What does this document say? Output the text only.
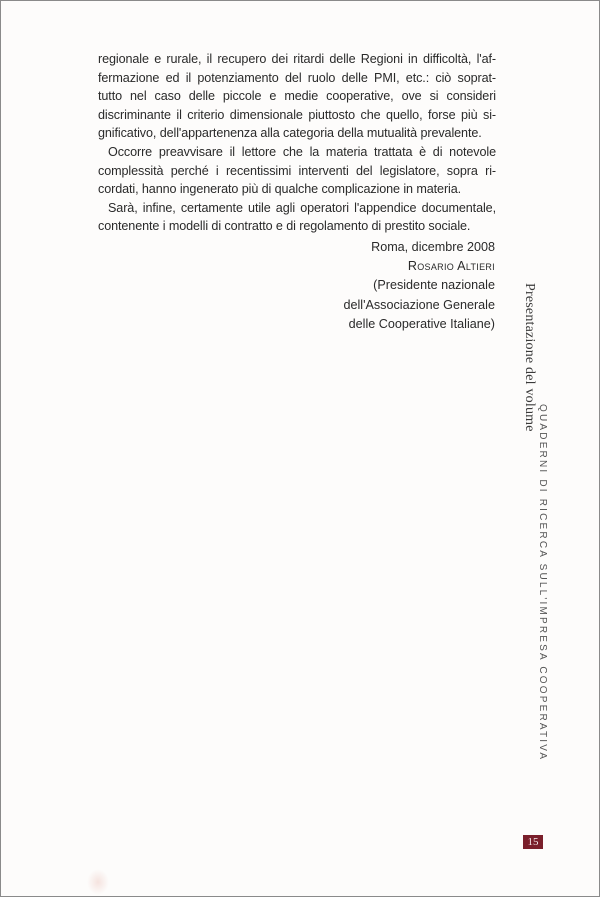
regionale e rurale, il recupero dei ritardi delle Regioni in difficoltà, l'af-
fermazione ed il potenziamento del ruolo delle PMI, etc.: ciò soprat-
tutto nel caso delle piccole e medie cooperative, ove si consideri
discriminante il criterio dimensionale piuttosto che quello, forse più si-
gnificativo, dell'appartenenza alla categoria della mutualità prevalente.
Occorre preavvisare il lettore che la materia trattata è di notevole
complessità perché i recentissimi interventi del legislatore, sopra ri-
cordati, hanno ingenerato più di qualche complicazione in materia.
Sarà, infine, certamente utile agli operatori l'appendice documentale,
contenente i modelli di contratto e di regolamento di prestito sociale.
Roma, dicembre 2008
Rosario Altieri
(Presidente nazionale
dell'Associazione Generale
delle Cooperative Italiane) Presentazione del volume
QUADERNI DI RICERCA SULL'IMPRESA COOPERATIVA
15
